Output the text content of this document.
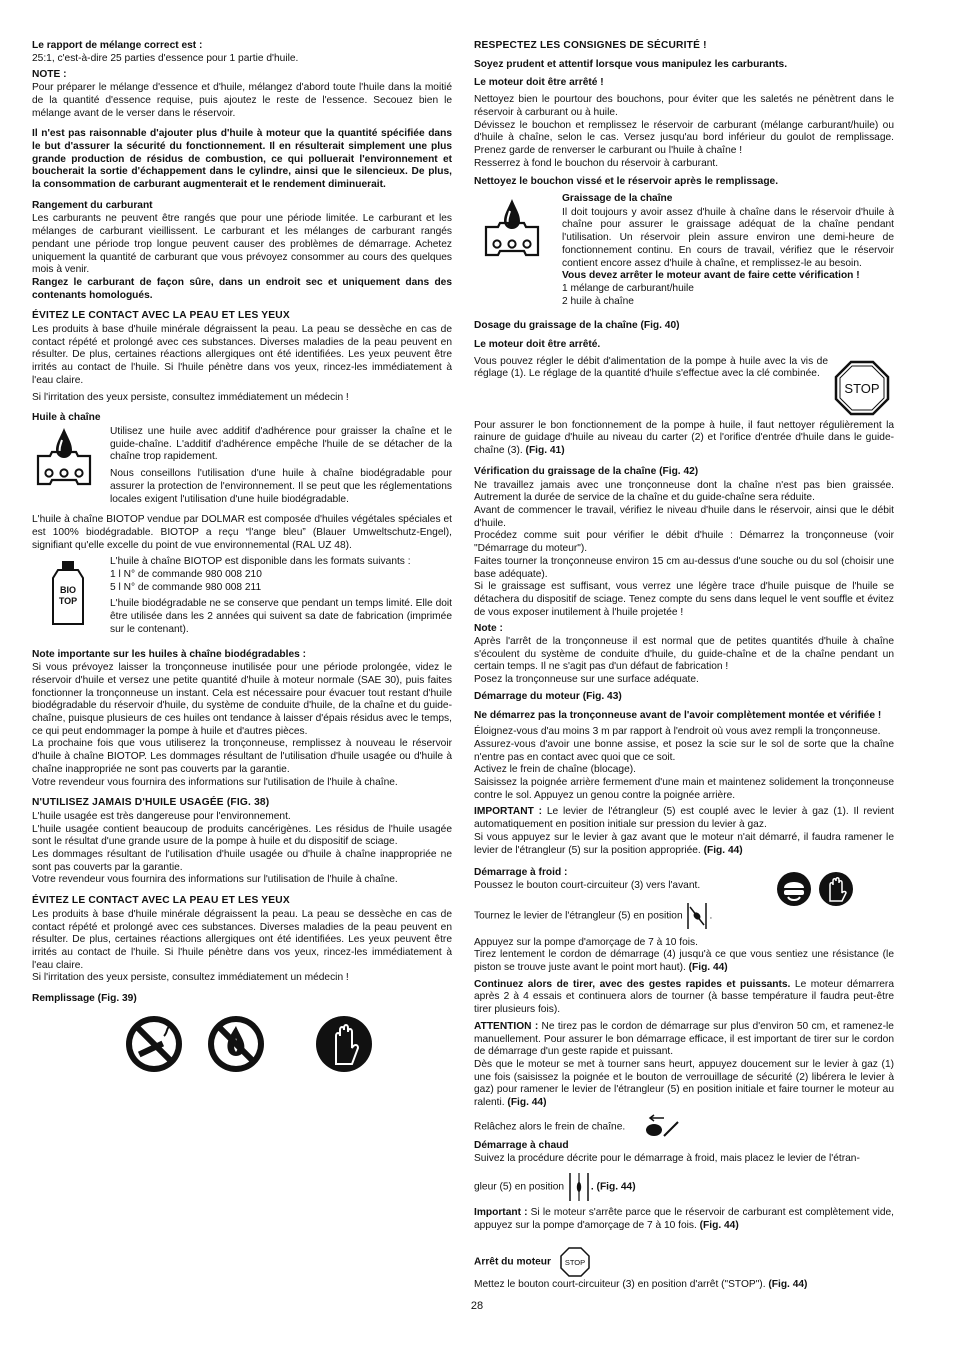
Le rapport de mélange correct est :

25:1, c'est-à-dire 25 parties d'essence pour 1 partie d'huile.

NOTE :

Pour préparer le mélange d'essence et d'huile, mélangez d'abord toute l'huile dans la moitié de la quantité d'essence requise, puis ajoutez le reste de l'essence. Secouez bien le mélange avant de le verser dans le réservoir.

Il n'est pas raisonnable d'ajouter plus d'huile à moteur que la quantité spécifiée dans le but d'assurer la sécurité du fonctionnement. Il en résulterait simplement une plus grande production de résidus de combustion, ce qui polluerait l'environnement et boucherait la sortie d'échappement dans le cylindre, ainsi que le silencieux. De plus, la consommation de carburant augmenterait et le rendement diminuerait.

Rangement du carburant

Les carburants ne peuvent être rangés que pour une période limitée. Le carburant et les mélanges de carburant vieillissent. Le carburant et les mélanges de carburant rangés pendant une période trop longue peuvent causer des problèmes de démarrage. Achetez uniquement la quantité de carburant que vous prévoyez consommer au cours des quelques mois à venir.

Rangez le carburant de façon sûre, dans un endroit sec et uniquement dans des contenants homologués.

ÉVITEZ LE CONTACT AVEC LA PEAU ET LES YEUX

Les produits à base d'huile minérale dégraissent la peau. La peau se dessèche en cas de contact répété et prolongé avec ces substances. Diverses maladies de la peau peuvent en résulter. De plus, certaines réactions allergiques ont été identifiées. Les yeux peuvent être irrités au contact de l'huile. Si l'huile pénètre dans vos yeux, rincez-les immédiatement à l'eau claire.

Si l'irritation des yeux persiste, consultez immédiatement un médecin !

Huile à chaîne

Utilisez une huile avec additif d'adhérence pour graisser la chaîne et le guide-chaîne. L'additif d'adhérence empêche l'huile de se détacher de la chaîne trop rapidement.

Nous conseillons l'utilisation d'une huile à chaîne biodégradable pour assurer la protection de l'environnement. Il se peut que les réglementations locales exigent l'utilisation d'une huile biodégradable.

L'huile à chaîne BIOTOP vendue par DOLMAR est composée d'huiles végétales spéciales et est 100% biodégradable. BIOTOP a reçu “l'ange bleu” (Blauer Umweltschutz-Engel), signifiant qu'elle excelle du point de vue environnemental (RAL UZ 48).

BIO
TOP

L'huile à chaîne BIOTOP est disponible dans les formats suivants :

1 l N° de commande 980 008 210

5 l N° de commande 980 008 211

L'huile biodégradable ne se conserve que pendant un temps limité. Elle doit être utilisée dans les 2 années qui suivent sa date de fabrication (imprimée sur le contenant).

Note importante sur les huiles à chaîne biodégradables :

Si vous prévoyez laisser la tronçonneuse inutilisée pour une période prolongée, videz le réservoir d'huile et versez une petite quantité d'huile à moteur normale (SAE 30), puis faites fonctionner la tronçonneuse un instant. Cela est nécessaire pour évacuer tout restant d'huile biodégradable du réservoir d'huile, du système de conduite d'huile, de la chaîne et du guide-chaîne, puisque plusieurs de ces huiles ont tendance à laisser d'épais résidus avec le temps, ce qui peut endommager la pompe à huile et d'autres pièces.

La prochaine fois que vous utiliserez la tronçonneuse, remplissez à nouveau le réservoir d'huile à chaîne BIOTOP. Les dommages résultant de l'utilisation d'huile usagée ou d'huile à chaîne inappropriée ne sont pas couverts par la garantie.

Votre revendeur vous fournira des informations sur l'utilisation de l'huile à chaîne.

N'UTILISEZ JAMAIS D'HUILE USAGÉE (FIG. 38)

L'huile usagée est très dangereuse pour l'environnement.

L'huile usagée contient beaucoup de produits cancérigènes. Les résidus de l'huile usagée sont le résultat d'une grande usure de la pompe à huile et du dispositif de sciage.

Les dommages résultant de l'utilisation d'huile usagée ou d'huile à chaîne inappropriée ne sont pas couverts par la garantie.

Votre revendeur vous fournira des informations sur l'utilisation de l'huile à chaîne.

ÉVITEZ LE CONTACT AVEC LA PEAU ET LES YEUX

Les produits à base d'huile minérale dégraissent la peau. La peau se dessèche en cas de contact répété et prolongé avec ces substances. Diverses maladies de la peau peuvent en résulter. De plus, certaines réactions allergiques ont été identifiées. Les yeux peuvent être irrités au contact de l'huile. Si l'huile pénètre dans vos yeux, rincez-les immédiatement à l'eau claire.

Si l'irritation des yeux persiste, consultez immédiatement un médecin !

Remplissage (Fig. 39)
RESPECTEZ LES CONSIGNES DE SÉCURITÉ !

Soyez prudent et attentif lorsque vous manipulez les carburants.

Le moteur doit être arrêté !

Nettoyez bien le pourtour des bouchons, pour éviter que les saletés ne pénètrent dans le réservoir à carburant ou à huile.

Dévissez le bouchon et remplissez le réservoir de carburant (mélange carburant/huile) ou d'huile à chaîne, selon le cas. Versez jusqu'au bord inférieur du goulot de remplissage. Prenez garde de renverser le carburant ou l'huile à chaîne !

Resserrez à fond le bouchon du réservoir à carburant.

Nettoyez le bouchon vissé et le réservoir après le remplissage.

Graissage de la chaîne

Il doit toujours y avoir assez d'huile à chaîne dans le réservoir d'huile à chaîne pour assurer le graissage adéquat de la chaîne pendant l'utilisation. Un réservoir plein assure environ une demi-heure de fonctionnement continu. En cours de travail, vérifiez que le réservoir contient encore assez d'huile à chaîne, et remplissez-le au besoin.

Vous devez arrêter le moteur avant de faire cette vérification !

1 mélange de carburant/huile

2 huile à chaîne

Dosage du graissage de la chaîne (Fig. 40)

Le moteur doit être arrêté.

Vous pouvez régler le débit d'alimentation de la pompe à huile avec la vis de réglage (1). Le réglage de la quantité d'huile s'effectue avec la clé combinée.

STOP

Pour assurer le bon fonctionnement de la pompe à huile, il faut nettoyer régulièrement la rainure de guidage d'huile au niveau du carter (2) et l'orifice d'entrée d'huile dans le guide-chaîne (3). (Fig. 41)

Vérification du graissage de la chaîne (Fig. 42)

Ne travaillez jamais avec une tronçonneuse dont la chaîne n'est pas bien graissée. Autrement la durée de service de la chaîne et du guide-chaîne sera réduite.

Avant de commencer le travail, vérifiez le niveau d'huile dans le réservoir, ainsi que le débit d'huile.

Procédez comme suit pour vérifier le débit d'huile : Démarrez la tronçonneuse (voir "Démarrage du moteur").

Faites tourner la tronçonneuse environ 15 cm au-dessus d'une souche ou du sol (choisir une base adéquate).

Si le graissage est suffisant, vous verrez une légère trace d'huile puisque de l'huile se détachera du dispositif de sciage. Tenez compte du sens dans lequel le vent souffle et évitez de vous exposer inutilement à l'huile projetée !

Note :

Après l'arrêt de la tronçonneuse il est normal que de petites quantités d'huile à chaîne s'écoulent du système de conduite d'huile, du guide-chaîne et de la chaîne pendant un certain temps. Il ne s'agit pas d'un défaut de fabrication !

Posez la tronçonneuse sur une surface adéquate.

Démarrage du moteur (Fig. 43)

Ne démarrez pas la tronçonneuse avant de l'avoir complètement montée et vérifiée !

Éloignez-vous d'au moins 3 m par rapport à l'endroit où vous avez rempli la tronçonneuse.

Assurez-vous d'avoir une bonne assise, et posez la scie sur le sol de sorte que la chaîne n'entre pas en contact avec quoi que ce soit.

Activez le frein de chaîne (blocage).

Saisissez la poignée arrière fermement d'une main et maintenez solidement la tronçonneuse contre le sol. Appuyez un genou contre la poignée arrière.

IMPORTANT : Le levier de l'étrangleur (5) est couplé avec le levier à gaz (1). Il revient automatiquement en position initiale sur pression du levier à gaz.

Si vous appuyez sur le levier à gaz avant que le moteur n'ait démarré, il faudra ramener le levier de l'étrangleur (5) sur la position appropriée. (Fig. 44)

Démarrage à froid :

Poussez le bouton court-circuiteur (3) vers l'avant.

Tournez le levier de l'étrangleur (5) en position	.

Appuyez sur la pompe d'amorçage de 7 à 10 fois.

Tirez lentement le cordon de démarrage (4) jusqu'à ce que vous sentiez une résistance (le piston se trouve juste avant le point mort haut). (Fig. 44)

Continuez alors de tirer, avec des gestes rapides et puissants. Le moteur démarrera après 2 à 4 essais et continuera alors de tourner (à basse température il faudra peut-être tirer plusieurs fois).

ATTENTION : Ne tirez pas le cordon de démarrage sur plus d'environ 50 cm, et ramenez-le manuellement. Pour assurer le bon démarrage efficace, il est important de tirer sur le cordon de démarrage d'un geste rapide et puissant.

Dès que le moteur se met à tourner sans heurt, appuyez doucement sur le levier à gaz (1) une fois (saisissez la poignée et le bouton de verrouillage de sécurité (2) libérera le levier à gaz) pour ramener le levier de l'étrangleur (5) en position initiale et faire tourner le moteur au ralenti. (Fig. 44)

Relâchez alors le frein de chaîne.

Démarrage à chaud

Suivez la procédure décrite pour le démarrage à froid, mais placez le levier de l'étran-

gleur (5) en position	. (Fig. 44)

Important : Si le moteur s'arrête parce que le réservoir de carburant est complètement vide, appuyez sur la pompe d'amorçage de 7 à 10 fois. (Fig. 44)

Arrêt du moteur STOP

Mettez le bouton court-circuiteur (3) en position d'arrêt ("STOP"). (Fig. 44)

28
